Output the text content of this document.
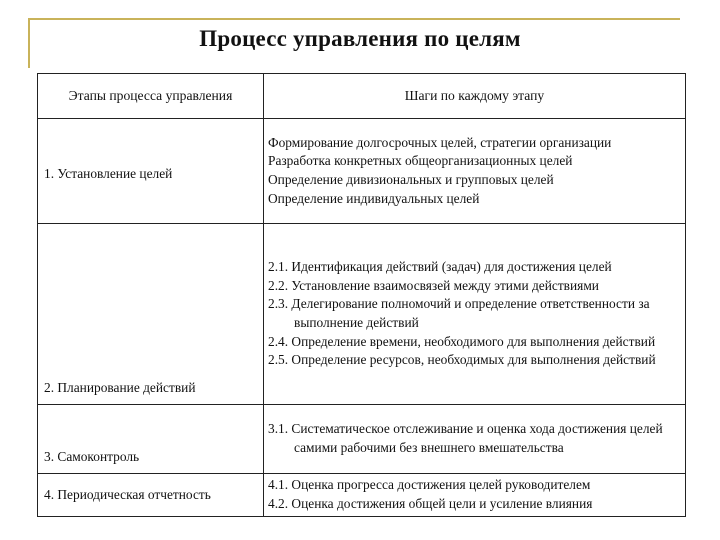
Процесс управления по целям
Этапы процесса управления	Шаги по каждому этапу

1. Установление целей	Формирование долгосрочных целей, стратегии организации
Разработка конкретных общеорганизационных целей
Определение дивизиональных и групповых целей
Определение индивидуальных целей

2. Планирование действий	2.1. Идентификация действий (задач) для достижения целей
2.2. Установление взаимосвязей между этими действиями
2.3. Делегирование полномочий и определение ответственности за выполнение действий
2.4. Определение времени, необходимого для выполнения действий
2.5. Определение ресурсов, необходимых для выполнения действий

3. Самоконтроль	3.1. Систематическое отслеживание и оценка хода достижения целей самими рабочими без внешнего вмешательства

4. Периодическая отчетность	4.1. Оценка прогресса достижения целей руководителем
4.2. Оценка достижения общей цели и усиление влияния
